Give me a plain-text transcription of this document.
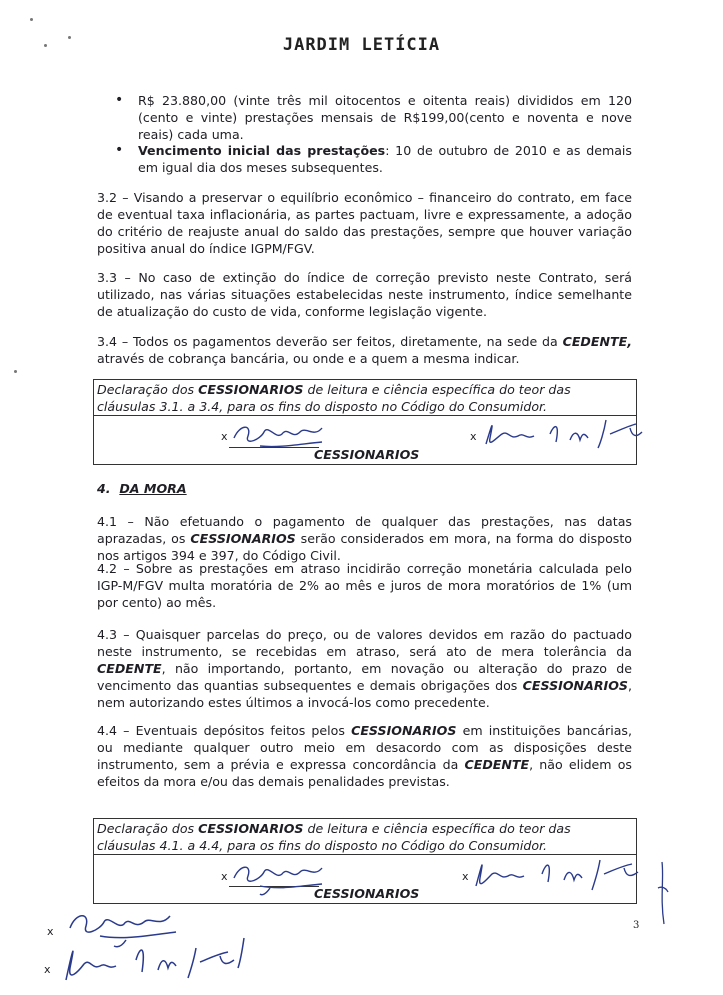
JARDIM LETÍCIA
• R$ 23.880,00 (vinte três mil oitocentos e oitenta reais) divididos em 120 (cento e vinte) prestações mensais de R$199,00(cento e noventa e nove reais) cada uma.
• Vencimento inicial das prestações: 10 de outubro de 2010 e as demais em igual dia dos meses subsequentes.
3.2 – Visando a preservar o equilíbrio econômico – financeiro do contrato, em face de eventual taxa inflacionária, as partes pactuam, livre e expressamente, a adoção do critério de reajuste anual do saldo das prestações, sempre que houver variação positiva anual do índice IGPM/FGV.
3.3 – No caso de extinção do índice de correção previsto neste Contrato, será utilizado, nas várias situações estabelecidas neste instrumento, índice semelhante de atualização do custo de vida, conforme legislação vigente.
3.4 – Todos os pagamentos deverão ser feitos, diretamente, na sede da CEDENTE, através de cobrança bancária, ou onde e a quem a mesma indicar.
Declaração dos CESSIONARIOS de leitura e ciência específica do teor das cláusulas 3.1. a 3.4, para os fins do disposto no Código do Consumidor.
x	x
CESSIONARIOS
4. DA MORA
4.1 – Não efetuando o pagamento de qualquer das prestações, nas datas aprazadas, os CESSIONARIOS serão considerados em mora, na forma do disposto nos artigos 394 e 397, do Código Civil.
4.2 – Sobre as prestações em atraso incidirão correção monetária calculada pelo IGP-M/FGV multa moratória de 2% ao mês e juros de mora moratórios de 1% (um por cento) ao mês.
4.3 – Quaisquer parcelas do preço, ou de valores devidos em razão do pactuado neste instrumento, se recebidas em atraso, será ato de mera tolerância da CEDENTE, não importando, portanto, em novação ou alteração do prazo de vencimento das quantias subsequentes e demais obrigações dos CESSIONARIOS, nem autorizando estes últimos a invocá-los como precedente.
4.4 – Eventuais depósitos feitos pelos CESSIONARIOS em instituições bancárias, ou mediante qualquer outro meio em desacordo com as disposições deste instrumento, sem a prévia e expressa concordância da CEDENTE, não elidem os efeitos da mora e/ou das demais penalidades previstas.
Declaração dos CESSIONARIOS de leitura e ciência específica do teor das cláusulas 4.1. a 4.4, para os fins do disposto no Código do Consumidor.
x	x
CESSIONARIOS
3
x
x
